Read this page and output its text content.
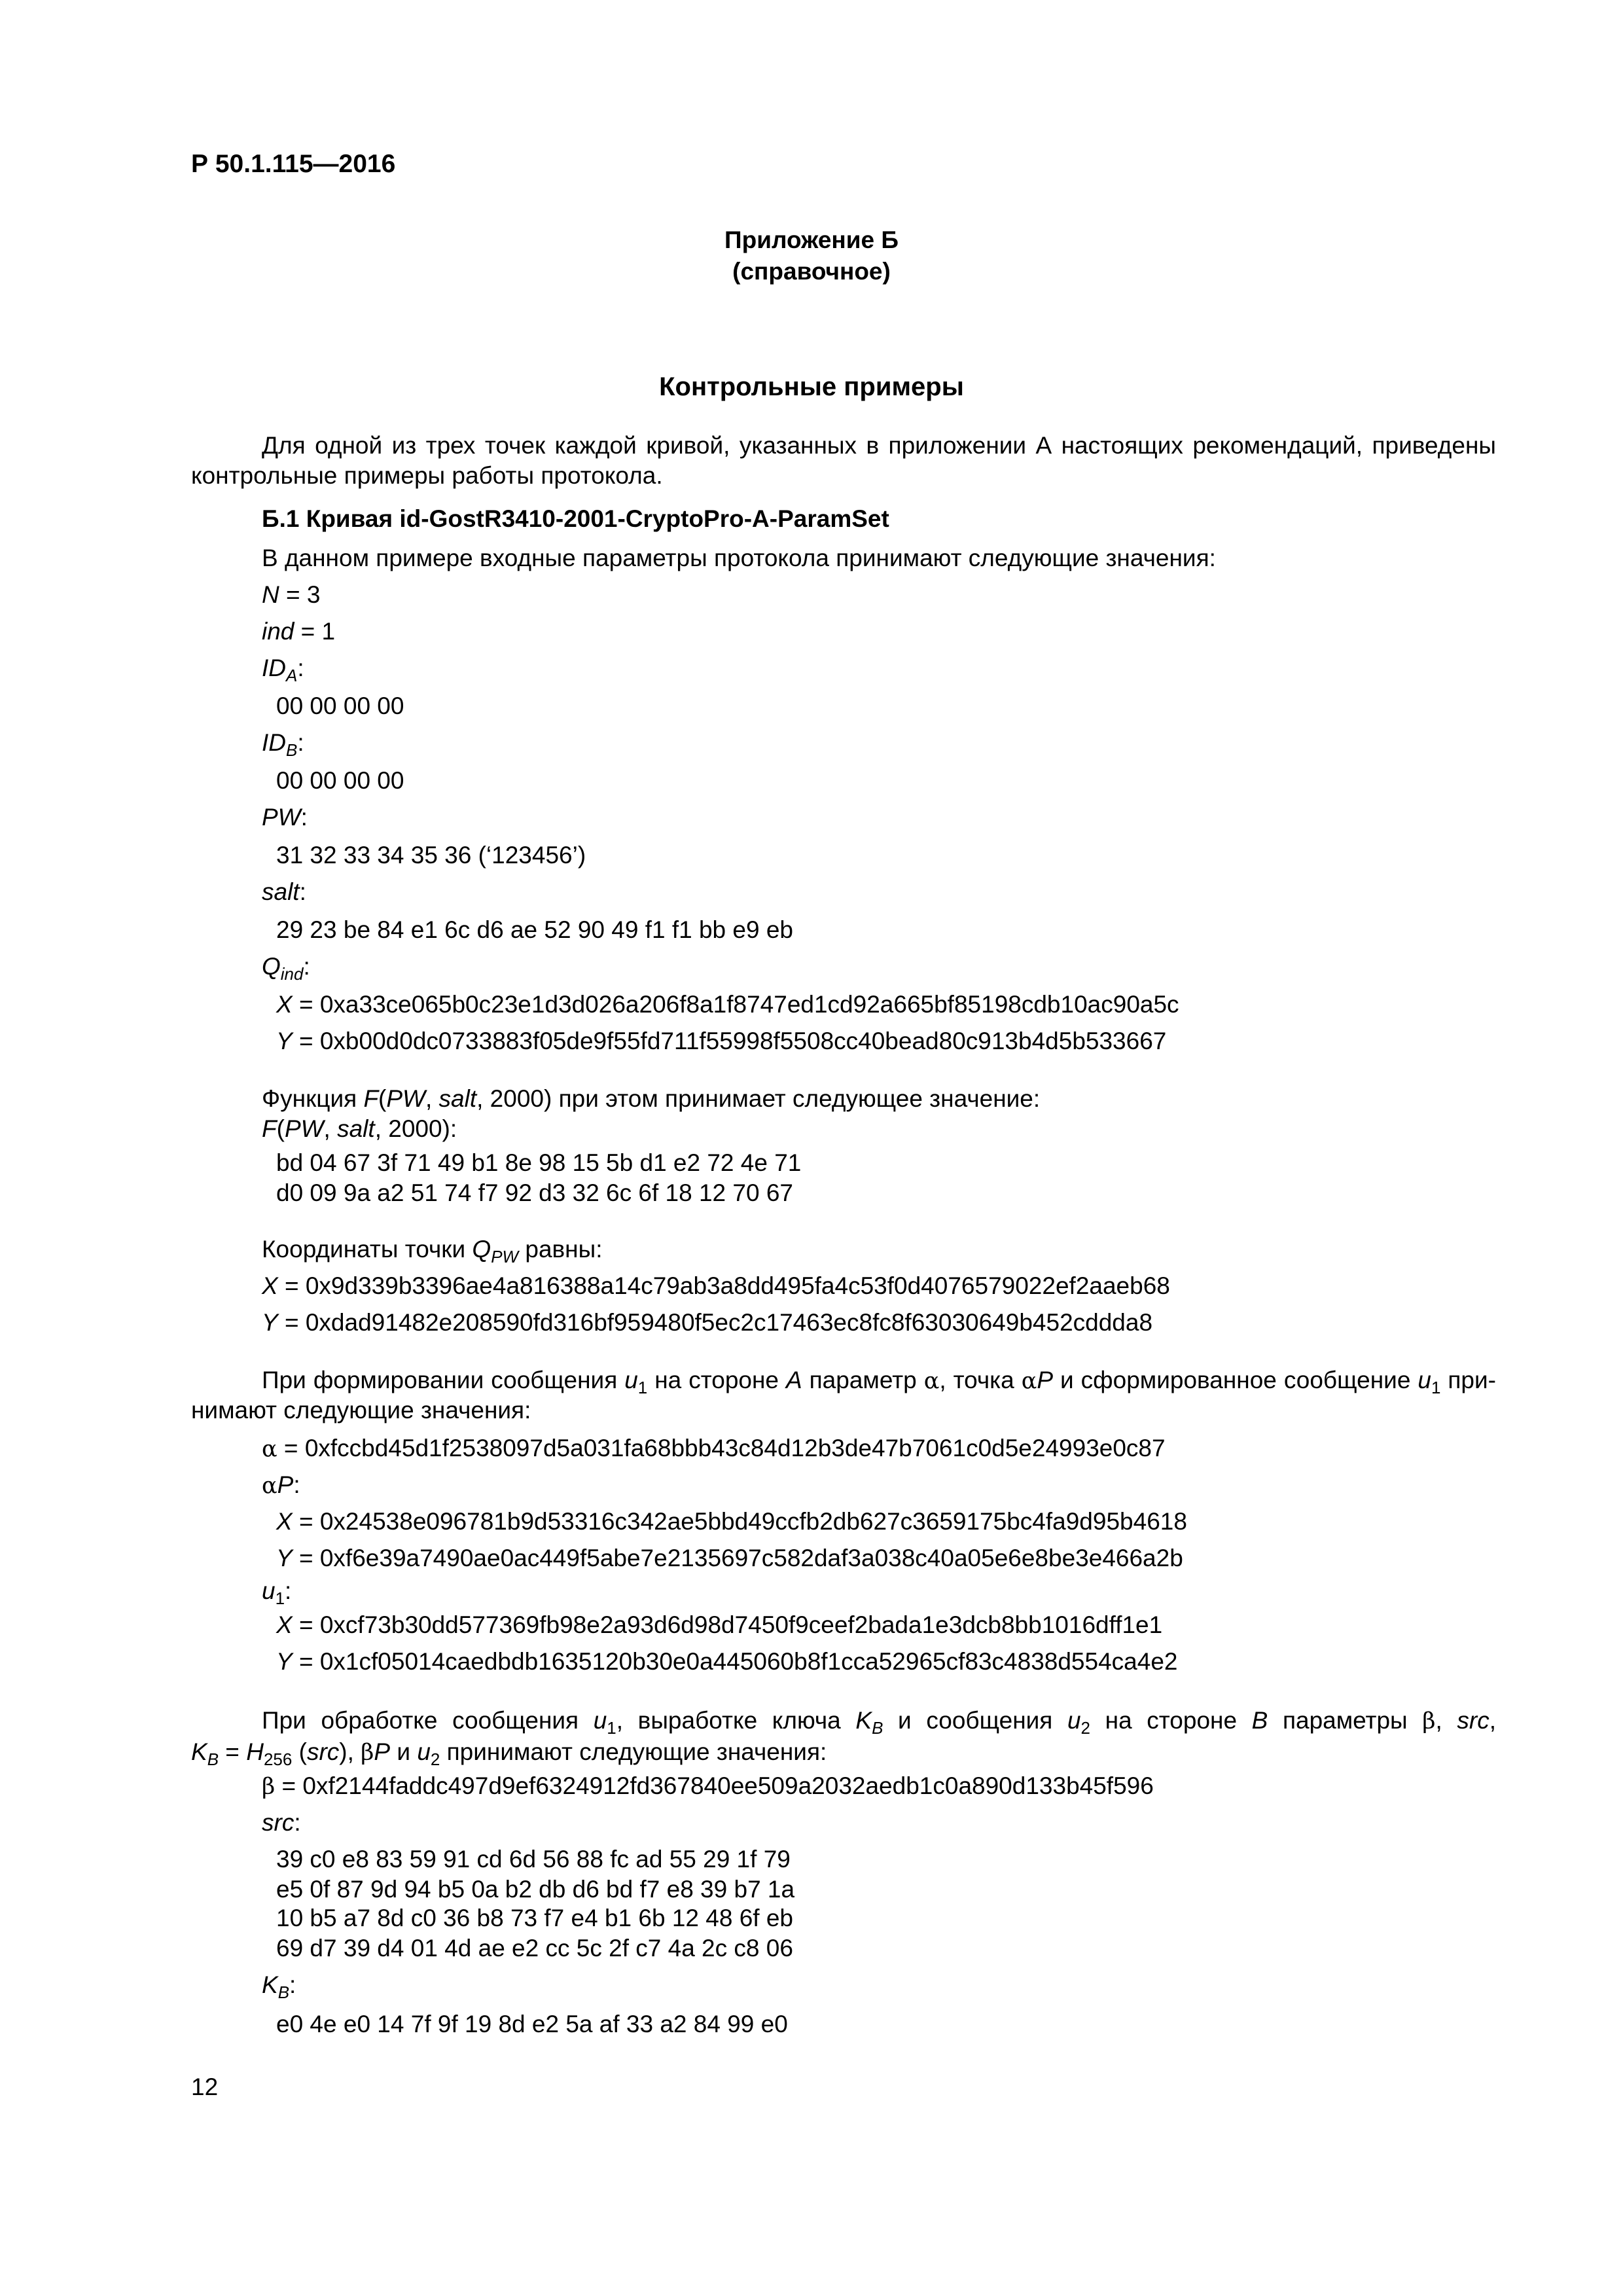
Р 50.1.115—2016
Приложение Б
(справочное)
Контрольные примеры
Для одной из трех точек каждой кривой, указанных в приложении А настоящих рекомендаций, приведены
контрольные примеры работы протокола.
Б.1 Кривая id-GostR3410-2001-CryptoPro-A-ParamSet
В данном примере входные параметры протокола принимают следующие значения:
N = 3
ind = 1
$ID_A$:
00 00 00 00
$ID_B$:
00 00 00 00
PW:
31 32 33 34 35 36 (‘123456’)
salt:
29 23 be 84 e1 6c d6 ae 52 90 49 f1 f1 bb e9 eb
$Q_{ind}$:
X = 0xa33ce065b0c23e1d3d026a206f8a1f8747ed1cd92a665bf85198cdb10ac90a5c
Y = 0xb00d0dc0733883f05de9f55fd711f55998f5508cc40bead80c913b4d5b533667
Функция F(PW, salt, 2000) при этом принимает следующее значение:
F(PW, salt, 2000):
bd 04 67 3f 71 49 b1 8e 98 15 5b d1 e2 72 4e 71
d0 09 9a a2 51 74 f7 92 d3 32 6c 6f 18 12 70 67
Координаты точки $Q_{PW}$ равны:
X = 0x9d339b3396ae4a816388a14c79ab3a8dd495fa4c53f0d4076579022ef2aaeb68
Y = 0xdad91482e208590fd316bf959480f5ec2c17463ec8fc8f63030649b452cddda8
При формировании сообщения $u_1$ на стороне A параметр α, точка αP и сформированное сообщение $u_1$ при-
нимают следующие значения:
α = 0xfccbd45d1f2538097d5a031fa68bbb43c84d12b3de47b7061c0d5e24993e0c87
αP:
X = 0x24538e096781b9d53316c342ae5bbd49ccfb2db627c3659175bc4fa9d95b4618
Y = 0xf6e39a7490ae0ac449f5abe7e2135697c582daf3a038c40a05e6e8be3e466a2b
$u_1$:
X = 0xcf73b30dd577369fb98e2a93d6d98d7450f9ceef2bada1e3dcb8bb1016dff1e1
Y = 0x1cf05014caedbdb1635120b30e0a445060b8f1cca52965cf83c4838d554ca4e2
При обработке сообщения $u_1$, выработке ключа $K_B$ и сообщения $u_2$ на стороне B параметры β, src,
$K_B = H_{256}$ (src), βP и $u_2$ принимают следующие значения:
β = 0xf2144faddc497d9ef6324912fd367840ee509a2032aedb1c0a890d133b45f596
src:
39 c0 e8 83 59 91 cd 6d 56 88 fc ad 55 29 1f 79
e5 0f 87 9d 94 b5 0a b2 db d6 bd f7 e8 39 b7 1a
10 b5 a7 8d c0 36 b8 73 f7 e4 b1 6b 12 48 6f eb
69 d7 39 d4 01 4d ae e2 cc 5c 2f c7 4a 2c c8 06
$K_B$:
e0 4e e0 14 7f 9f 19 8d e2 5a af 33 a2 84 99 e0
12
